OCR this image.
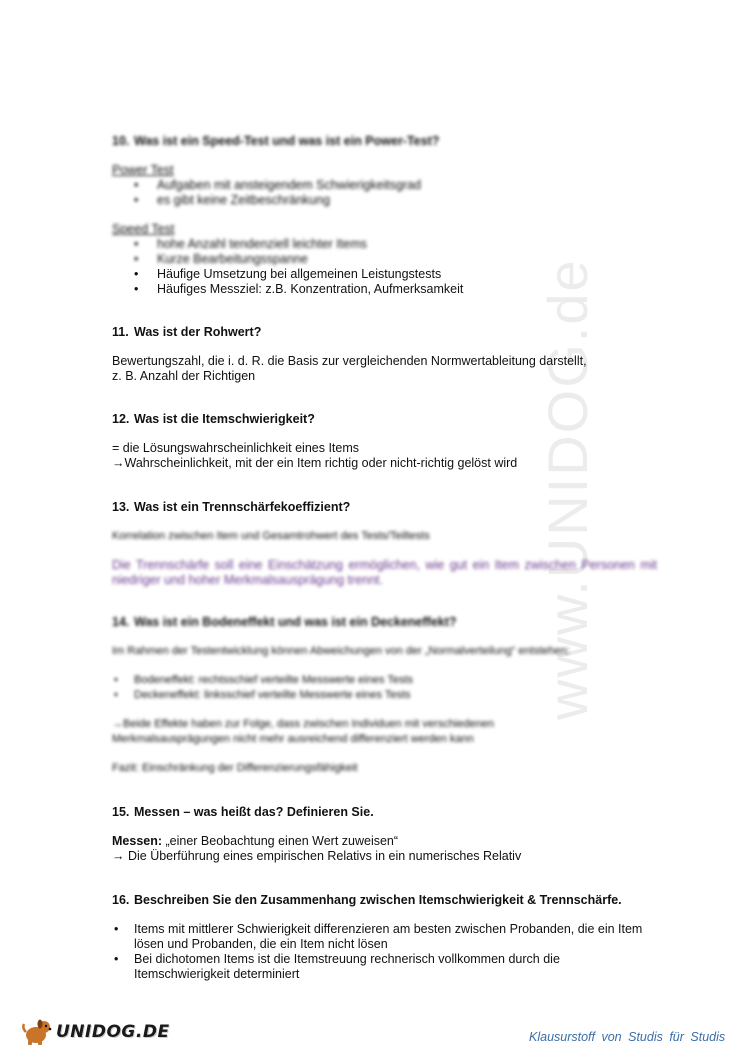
www.UNIDOG.de
10. Was ist ein Speed-Test und was ist ein Power-Test?
Power Test
• Aufgaben mit ansteigendem Schwierigkeitsgrad
• es gibt keine Zeitbeschränkung
Speed Test
• hohe Anzahl tendenziell leichter Items
• Kurze Bearbeitungsspanne
• Häufige Umsetzung bei allgemeinen Leistungstests
• Häufiges Messziel: z.B. Konzentration, Aufmerksamkeit
11. Was ist der Rohwert?
Bewertungszahl, die i. d. R. die Basis zur vergleichenden Normwertableitung darstellt,
z. B. Anzahl der Richtigen
12. Was ist die Itemschwierigkeit?
= die Lösungswahrscheinlichkeit eines Items
→Wahrscheinlichkeit, mit der ein Item richtig oder nicht-richtig gelöst wird
13. Was ist ein Trennschärfekoeffizient?
Korrelation zwischen Item und Gesamtrohwert des Tests/Teiltests
Die Trennschärfe soll eine Einschätzung ermöglichen, wie gut ein Item zwischen Personen mit niedriger und hoher Merkmalsausprägung trennt.
14. Was ist ein Bodeneffekt und was ist ein Deckeneffekt?
Im Rahmen der Testentwicklung können Abweichungen von der „Normalverteilung“ entstehen:
• Bodeneffekt: rechtsschief verteilte Messwerte eines Tests
• Deckeneffekt: linksschief verteilte Messwerte eines Tests
→Beide Effekte haben zur Folge, dass zwischen Individuen mit verschiedenen Merkmalsausprägungen nicht mehr ausreichend differenziert werden kann
Fazit: Einschränkung der Differenzierungsfähigkeit
15. Messen – was heißt das? Definieren Sie.
Messen: „einer Beobachtung einen Wert zuweisen“
→ Die Überführung eines empirischen Relativs in ein numerisches Relativ
16. Beschreiben Sie den Zusammenhang zwischen Itemschwierigkeit & Trennschärfe.
• Items mit mittlerer Schwierigkeit differenzieren am besten zwischen Probanden, die ein Item lösen und Probanden, die ein Item nicht lösen
• Bei dichotomen Items ist die Itemstreuung rechnerisch vollkommen durch die Itemschwierigkeit determiniert
UNIDOG.DE	Klausurstoff von Studis für Studis
